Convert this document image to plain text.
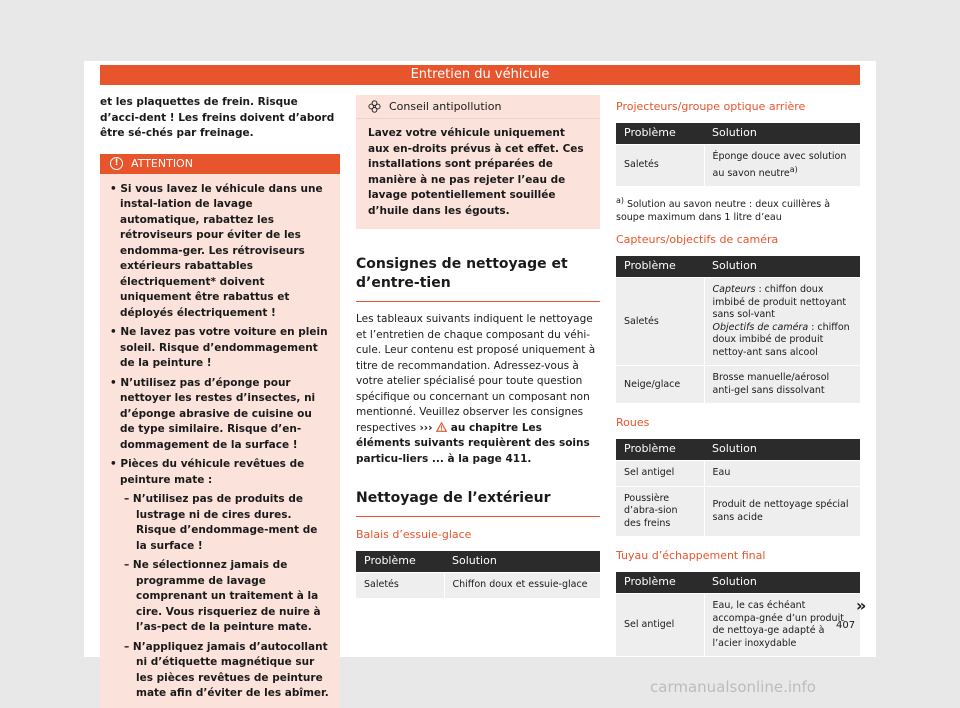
Entretien du véhicule

et les plaquettes de frein. Risque d’acci-dent ! Les freins doivent d’abord être sé-chés par freinage.

!	ATTENTION

• Si vous lavez le véhicule dans une instal-lation de lavage automatique, rabattez les rétroviseurs pour éviter de les endomma-ger. Les rétroviseurs extérieurs rabattables électriquement* doivent uniquement être rabattus et déployés électriquement !

• Ne lavez pas votre voiture en plein soleil. Risque d’endommagement de la peinture !

• N’utilisez pas d’éponge pour nettoyer les restes d’insectes, ni d’éponge abrasive de cuisine ou de type similaire. Risque d’en-dommagement de la surface !

• Pièces du véhicule revêtues de peinture mate :

– N’utilisez pas de produits de lustrage ni de cires dures. Risque d’endommage-ment de la surface !

– Ne sélectionnez jamais de programme de lavage comprenant un traitement à la cire. Vous risqueriez de nuire à l’as-pect de la peinture mate.

– N’appliquez jamais d’autocollant ni d’étiquette magnétique sur les pièces revêtues de peinture mate afin d’éviter de les abîmer.

Conseil antipollution

Lavez votre véhicule uniquement aux en-droits prévus à cet effet. Ces installations sont préparées de manière à ne pas rejeter l’eau de lavage potentiellement souillée d’huile dans les égouts.

Consignes de nettoyage et d’entre-tien

Les tableaux suivants indiquent le nettoyage et l’entretien de chaque composant du véhi-cule. Leur contenu est proposé uniquement à titre de recommandation. Adressez-vous à votre atelier spécialisé pour toute question spécifique ou concernant un composant non mentionné. Veuillez observer les consignes respectives ››› au chapitre Les éléments suivants requièrent des soins particu-liers ... à la page 411.

Nettoyage de l’extérieur
Balais d’essuie-glace
Problème	Solution
Saletés	Chiffon doux et essuie-glace
Projecteurs/groupe optique arrière
Problème	Solution
Saletés	Éponge douce avec solution au savon neutre$^{a)}$

$^{a)}$ Solution au savon neutre : deux cuillères à soupe maximum dans 1 litre d’eau

Capteurs/objectifs de caméra
Problème	Solution
Saletés	Capteurs : chiffon doux imbibé de produit nettoyant sans sol-vant
Objectifs de caméra : chiffon doux imbibé de produit nettoy-ant sans alcool
Neige/glace	Brosse manuelle/aérosol anti-gel sans dissolvant
Roues
Problème	Solution
Sel antigel	Eau
Poussière d’abra-sion des freins	Produit de nettoyage spécial sans acide
Tuyau d’échappement final
Problème	Solution
Sel antigel	Eau, le cas échéant accompa-gnée d’un produit de nettoya-ge adapté à l’acier inoxydable
»
407
carmanualsonline.info
